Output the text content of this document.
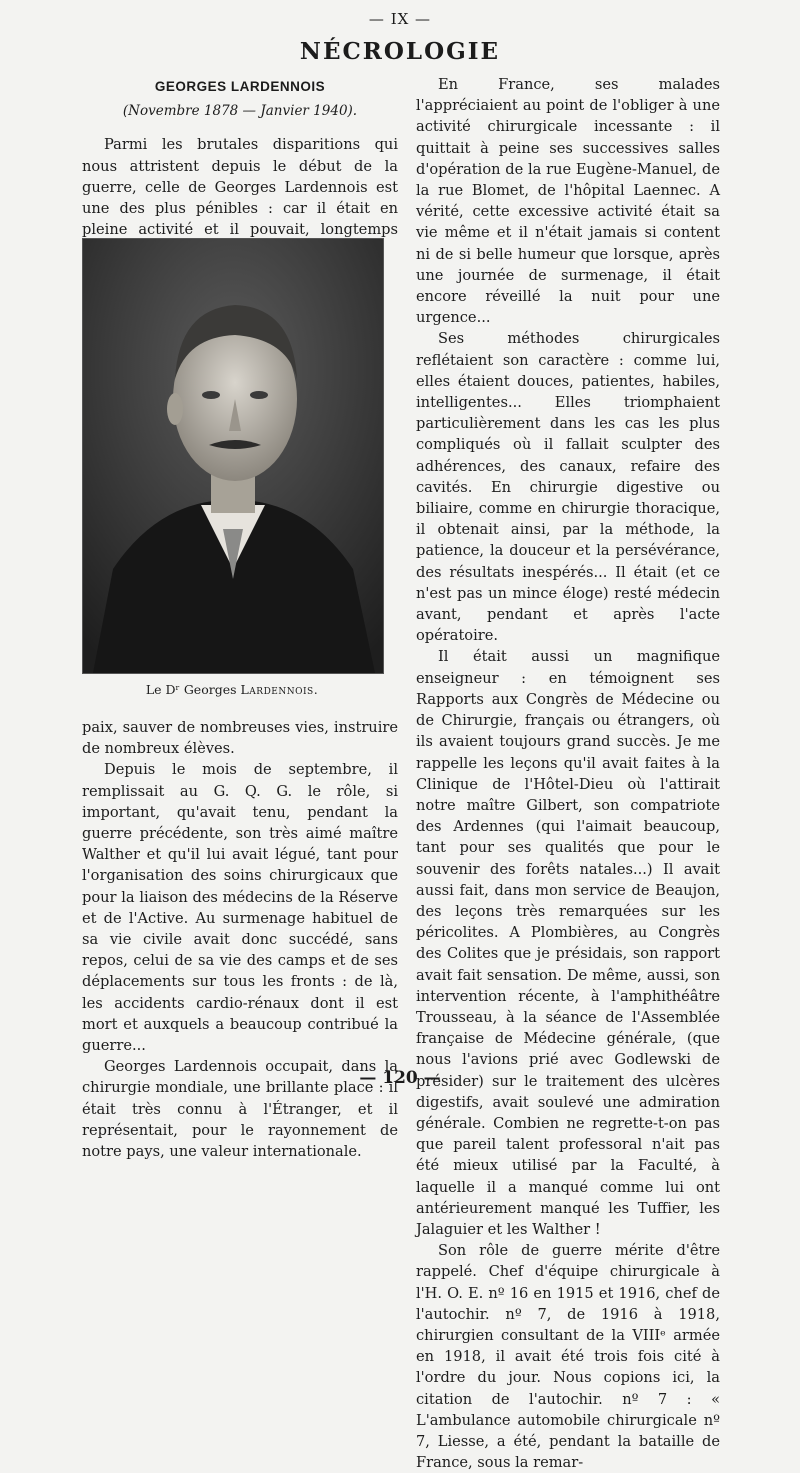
— IX —
NÉCROLOGIE
GEORGES LARDENNOIS
(Novembre 1878 — Janvier 1940).

Parmi les brutales disparitions qui nous attristent depuis le début de la guerre, celle de Georges Lardennois est une des plus pénibles : car il était en pleine activité et il pouvait, longtemps

Le Dʳ Georges Lardennois.

paix, sauver de nombreuses vies, instruire de nombreux élèves.

Depuis le mois de septembre, il remplissait au G. Q. G. le rôle, si important, qu'avait tenu, pendant la guerre précédente, son très aimé maître Walther et qu'il lui avait légué, tant pour l'organisation des soins chirurgicaux que pour la liaison des médecins de la Réserve et de l'Active. Au surmenage habituel de sa vie civile avait donc succédé, sans repos, celui de sa vie des camps et de ses déplacements sur tous les fronts : de là, les accidents cardio-rénaux dont il est mort et auxquels a beaucoup contribué la guerre...

Georges Lardennois occupait, dans la chirurgie mondiale, une brillante place : il était très connu à l'Étranger, et il représentait, pour le rayonnement de notre pays, une valeur internationale.

En France, ses malades l'appréciaient au point de l'obliger à une activité chirurgicale incessante : il quittait à peine ses successives salles d'opération de la rue Eugène-Manuel, de la rue Blomet, de l'hôpital Laennec. A vérité, cette excessive activité était sa vie même et il n'était jamais si content ni de si belle humeur que lorsque, après une journée de surmenage, il était encore réveillé la nuit pour une urgence...

Ses méthodes chirurgicales reflétaient son caractère : comme lui, elles étaient douces, patientes, habiles, intelligentes... Elles triomphaient particulièrement dans les cas les plus compliqués où il fallait sculpter des adhérences, des canaux, refaire des cavités. En chirurgie digestive ou biliaire, comme en chirurgie thoracique, il obtenait ainsi, par la méthode, la patience, la douceur et la persévérance, des résultats inespérés... Il était (et ce n'est pas un mince éloge) resté médecin avant, pendant et après l'acte opératoire.

Il était aussi un magnifique enseigneur : en témoignent ses Rapports aux Congrès de Médecine ou de Chirurgie, français ou étrangers, où ils avaient toujours grand succès. Je me rappelle les leçons qu'il avait faites à la Clinique de l'Hôtel-Dieu où l'attirait notre maître Gilbert, son compatriote des Ardennes (qui l'aimait beaucoup, tant pour ses qualités que pour le souvenir des forêts natales...) Il avait aussi fait, dans mon service de Beaujon, des leçons très remarquées sur les péricolites. A Plombières, au Congrès des Colites que je présidais, son rapport avait fait sensation. De même, aussi, son intervention récente, à l'amphithéâtre Trousseau, à la séance de l'Assemblée française de Médecine générale, (que nous l'avions prié avec Godlewski de présider) sur le traitement des ulcères digestifs, avait soulevé une admiration générale. Combien ne regrette-t-on pas que pareil talent professoral n'ait pas été mieux utilisé par la Faculté, à laquelle il a manqué comme lui ont antérieurement manqué les Tuffier, les Jalaguier et les Walther !

Son rôle de guerre mérite d'être rappelé. Chef d'équipe chirurgicale à l'H. O. E. nº 16 en 1915 et 1916, chef de l'autochir. nº 7, de 1916 à 1918, chirurgien consultant de la VIIIᵉ armée en 1918, il avait été trois fois cité à l'ordre du jour. Nous copions ici, la citation de l'autochir. nº 7 : « L'ambulance automobile chirurgicale nº 7, Liesse, a été, pendant la bataille de France, sous la remar-

— 120 —
